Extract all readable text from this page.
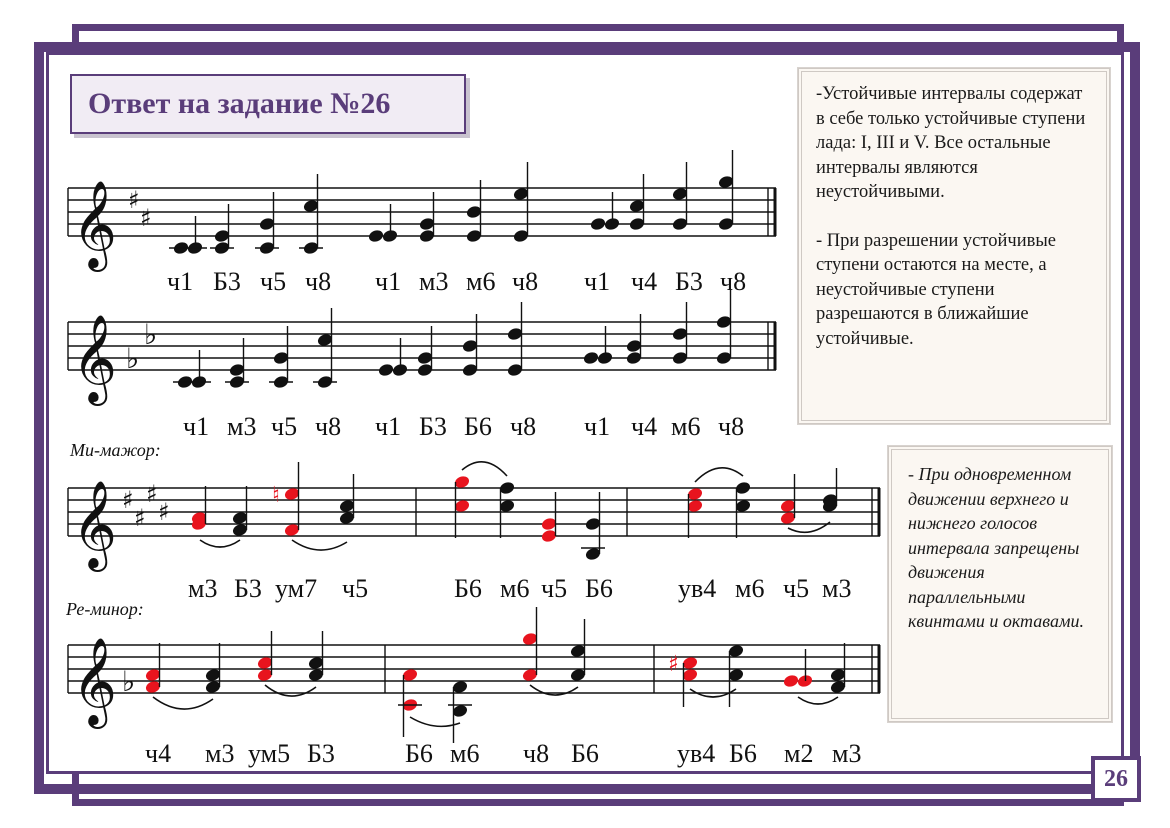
Ответ на задание №26
𝄞 ♯
♯
𝄞 ♭
♭
𝄞 ♯
♯
♯
♯
𝄞 ♭
♮
♯
Ми-мажор:
Ре-минор:
ч1 Б3 ч5 ч8 ч1 м3 м6 ч8 ч1 ч4 Б3 ч8
ч1 м3 ч5 ч8 ч1 Б3 Б6 ч8 ч1 ч4 м6 ч8
м3 Б3 ум7 ч5	Б6 м6 ч5 Б6	ув4 м6 ч5 м3
ч4 м3 ум5 Б3	Б6 м6 ч8 Б6	ув4 Б6 м2 м3

-Устойчивые интервалы содержат в себе только устойчивые ступени лада: I, III и V. Все остальные интервалы являются неустойчивыми.

- При разрешении устойчивые ступени остаются на месте, а неустойчивые ступени разрешаются в ближайшие устойчивые.

- При одновременном движении верхнего и нижнего голосов интервала запрещены движения параллельными квинтами и октавами.

26
